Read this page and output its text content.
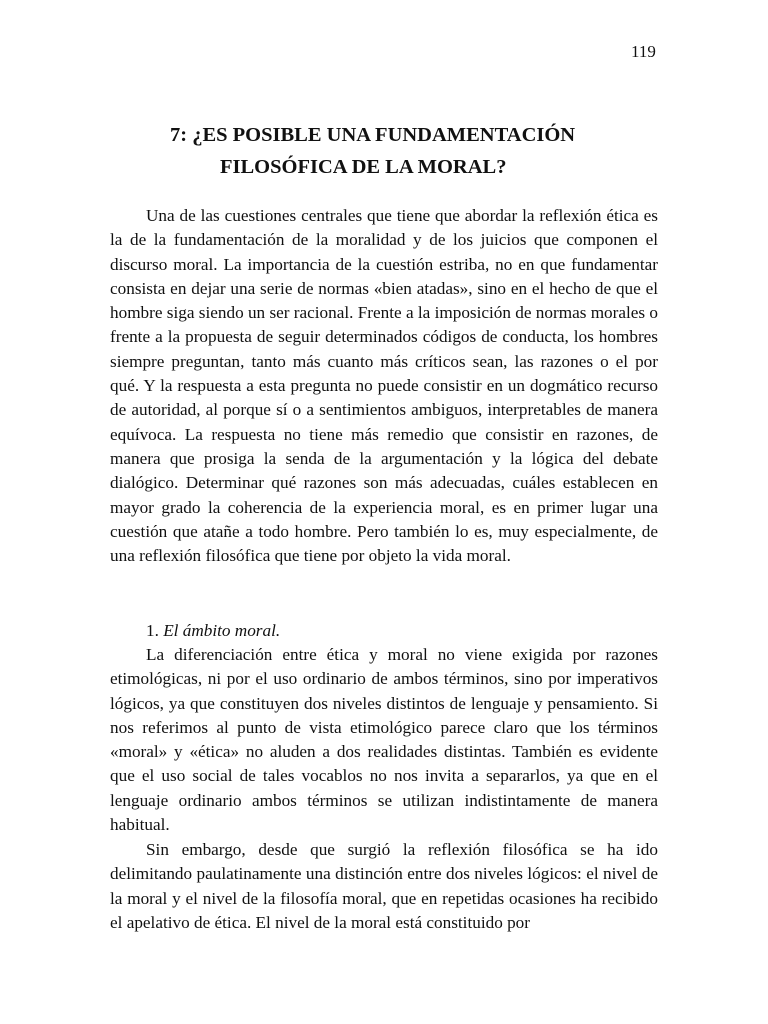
119
7: ¿ES POSIBLE UNA FUNDAMENTACIÓN
FILOSÓFICA DE LA MORAL?

Una de las cuestiones centrales que tiene que abordar la reflexión ética es la de la fundamentación de la moralidad y de los juicios que componen el discurso moral. La importancia de la cuestión estriba, no en que fundamentar consista en dejar una serie de normas «bien atadas», sino en el hecho de que el hombre siga siendo un ser racional. Frente a la imposición de normas morales o frente a la propuesta de seguir determinados códigos de conducta, los hombres siempre preguntan, tanto más cuanto más críticos sean, las razones o el por qué. Y la respuesta a esta pregunta no puede consistir en un dogmático recurso de autoridad, al porque sí o a sentimientos ambiguos, interpretables de manera equívoca. La respuesta no tiene más remedio que consistir en razones, de manera que prosiga la senda de la argumentación y la lógica del debate dialógico. Determinar qué razones son más adecuadas, cuáles establecen en mayor grado la coherencia de la experiencia moral, es en primer lugar una cuestión que atañe a todo hombre. Pero también lo es, muy especialmente, de una reflexión filosófica que tiene por objeto la vida moral.

1. El ámbito moral.

La diferenciación entre ética y moral no viene exigida por razones etimológicas, ni por el uso ordinario de ambos términos, sino por imperativos lógicos, ya que constituyen dos niveles distintos de lenguaje y pensamiento. Si nos referimos al punto de vista etimológico parece claro que los términos «moral» y «ética» no aluden a dos realidades distintas. También es evidente que el uso social de tales vocablos no nos invita a separarlos, ya que en el lenguaje ordinario ambos términos se utilizan indistintamente de manera habitual.

Sin embargo, desde que surgió la reflexión filosófica se ha ido delimitando paulatinamente una distinción entre dos niveles lógicos: el nivel de la moral y el nivel de la filosofía moral, que en repetidas ocasiones ha recibido el apelativo de ética. El nivel de la moral está constituido por
